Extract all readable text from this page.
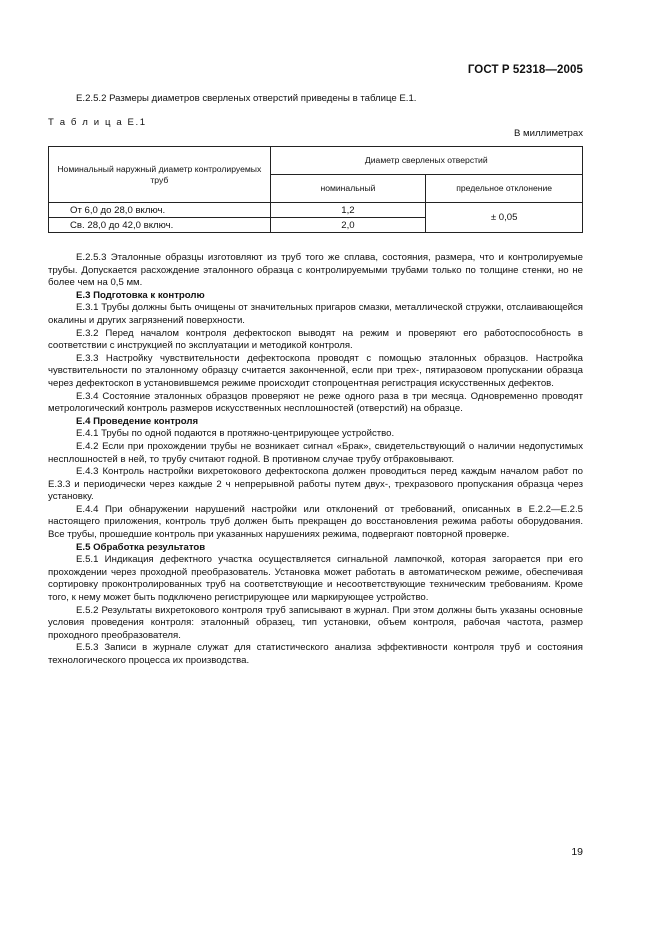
ГОСТ Р 52318—2005

Е.2.5.2 Размеры диаметров сверленых отверстий приведены в таблице Е.1.

Т а б л и ц а Е.1
В миллиметрах
Номинальный наружный диаметр контролируемых труб	Диаметр сверленых отверстий	
	номинальный	предельное отклонение
От 6,0 до 28,0 включ.	1,2	± 0,05
Св. 28,0 до 42,0 включ.	2,0	

Е.2.5.3 Эталонные образцы изготовляют из труб того же сплава, состояния, размера, что и контролируемые трубы. Допускается расхождение эталонного образца с контролируемыми трубами только по толщине стенки, но не более чем на 0,5 мм.

Е.3 Подготовка к контролю

Е.3.1 Трубы должны быть очищены от значительных пригаров смазки, металлической стружки, отслаивающейся окалины и других загрязнений поверхности.

Е.3.2 Перед началом контроля дефектоскоп выводят на режим и проверяют его работоспособность в соответствии с инструкцией по эксплуатации и методикой контроля.

Е.3.3 Настройку чувствительности дефектоскопа проводят с помощью эталонных образцов. Настройка чувствительности по эталонному образцу считается законченной, если при трех-, пятиразовом пропускании образца через дефектоскоп в установившемся режиме происходит стопроцентная регистрация искусственных дефектов.

Е.3.4 Состояние эталонных образцов проверяют не реже одного раза в три месяца. Одновременно проводят метрологический контроль размеров искусственных несплошностей (отверстий) на образце.

Е.4 Проведение контроля

Е.4.1 Трубы по одной подаются в протяжно-центрирующее устройство.

Е.4.2 Если при прохождении трубы не возникает сигнал «Брак», свидетельствующий о наличии недопустимых несплошностей в ней, то трубу считают годной. В противном случае трубу отбраковывают.

Е.4.3 Контроль настройки вихретокового дефектоскопа должен проводиться перед каждым началом работ по Е.3.3 и периодически через каждые 2 ч непрерывной работы путем двух-, трехразового пропускания образца через установку.

Е.4.4 При обнаружении нарушений настройки или отклонений от требований, описанных в Е.2.2—Е.2.5 настоящего приложения, контроль труб должен быть прекращен до восстановления режима работы оборудования. Все трубы, прошедшие контроль при указанных нарушениях режима, подвергают повторной проверке.

Е.5 Обработка результатов

Е.5.1 Индикация дефектного участка осуществляется сигнальной лампочкой, которая загорается при его прохождении через проходной преобразователь. Установка может работать в автоматическом режиме, обеспечивая сортировку проконтролированных труб на соответствующие и несоответствующие техническим требованиям. Кроме того, к нему может быть подключено регистрирующее или маркирующее устройство.

Е.5.2 Результаты вихретокового контроля труб записывают в журнал. При этом должны быть указаны основные условия проведения контроля: эталонный образец, тип установки, объем контроля, рабочая частота, размер проходного преобразователя.

Е.5.3 Записи в журнале служат для статистического анализа эффективности контроля труб и состояния технологического процесса их производства.

19
